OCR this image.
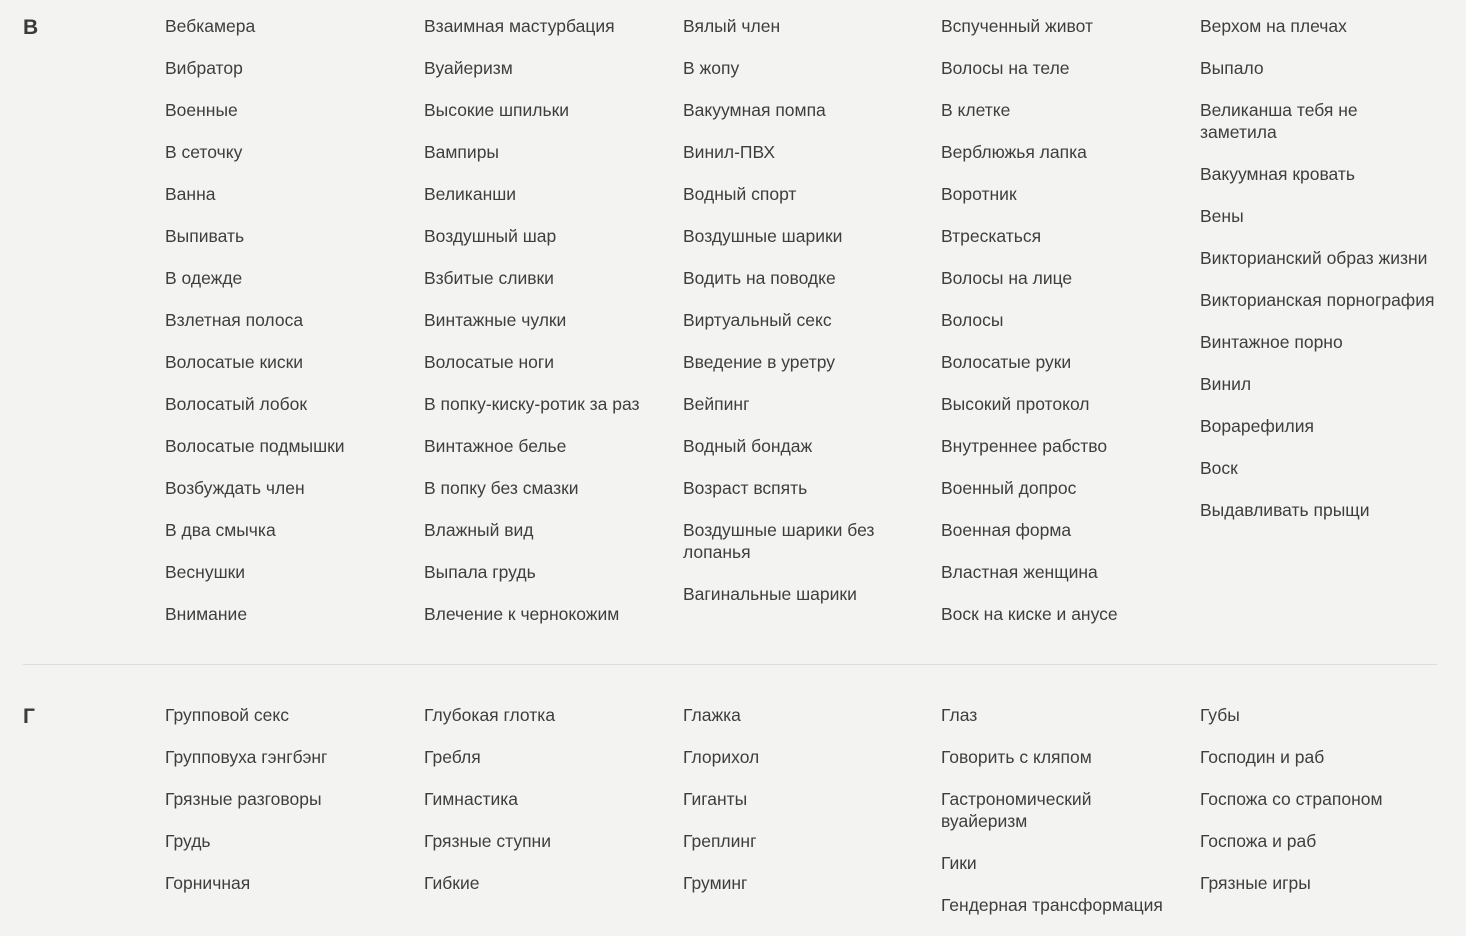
В	Вебкамера
Вибратор
Военные
В сеточку
Ванна
Выпивать
В одежде
Взлетная полоса
Волосатые киски
Волосатый лобок
Волосатые подмышки
Возбуждать член
В два смычка
Веснушки
Внимание
Взаимная мастурбация
Вуайеризм
Высокие шпильки
Вампиры
Великанши
Воздушный шар
Взбитые сливки
Винтажные чулки
Волосатые ноги
В попку-киску-ротик за раз
Винтажное белье
В попку без смазки
Влажный вид
Выпала грудь
Влечение к чернокожим
Вялый член
В жопу
Вакуумная помпа
Винил-ПВХ
Водный спорт
Воздушные шарики
Водить на поводке
Виртуальный секс
Введение в уретру
Вейпинг
Водный бондаж
Возраст вспять
Воздушные шарики без лопанья
Вагинальные шарики
Вспученный живот
Волосы на теле
В клетке
Верблюжья лапка
Воротник
Втрескаться
Волосы на лице
Волосы
Волосатые руки
Высокий протокол
Внутреннее рабство
Военный допрос
Военная форма
Властная женщина
Воск на киске и анусе
Верхом на плечах
Выпало
Великанша тебя не заметила
Вакуумная кровать
Вены
Викторианский образ жизни
Викторианская порнография
Винтажное порно
Винил
Ворарефилия
Воск
Выдавливать прыщи
Г	Групповой секс
Групповуха гэнгбэнг
Грязные разговоры
Грудь
Горничная
Глубокая глотка
Гребля
Гимнастика
Грязные ступни
Гибкие
Глажка
Глорихол
Гиганты
Греплинг
Груминг
Глаз
Говорить с кляпом
Гастрономический вуайеризм
Гики
Гендерная трансформация
Губы
Господин и раб
Госпожа со страпоном
Госпожа и раб
Грязные игры
